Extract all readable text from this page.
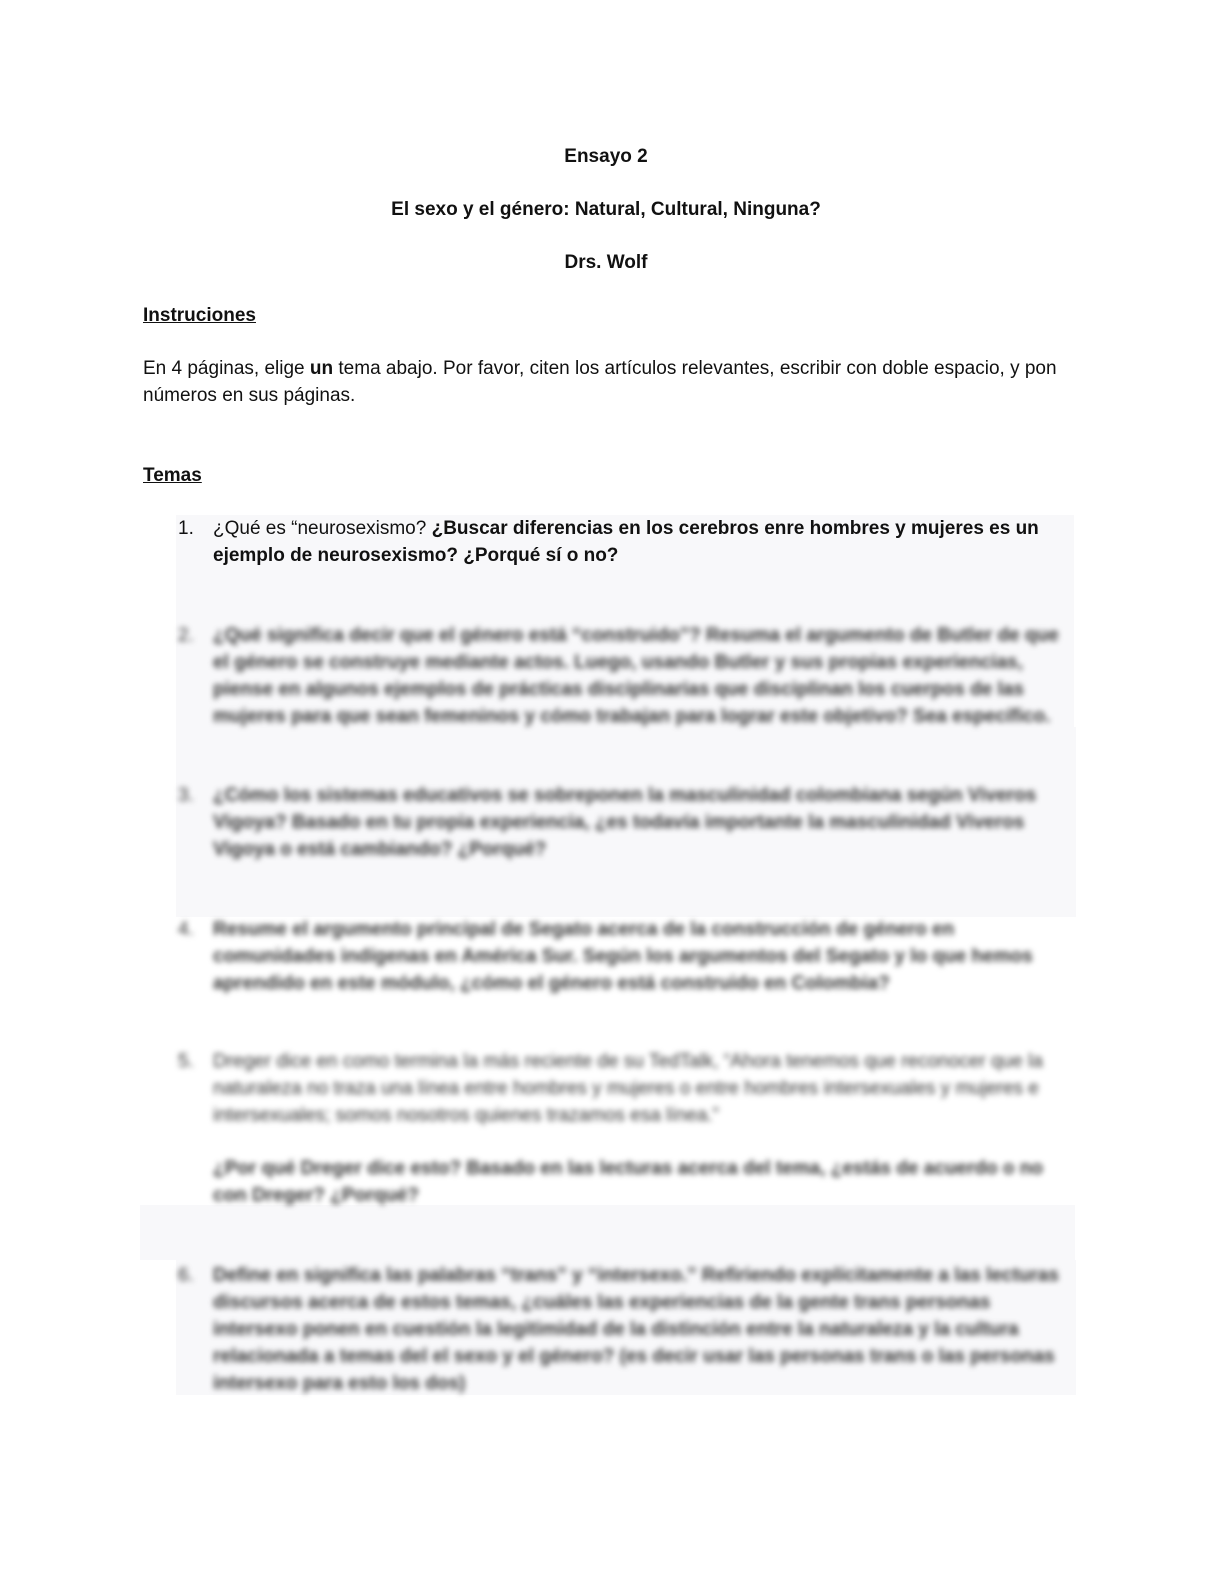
Ensayo 2
El sexo y el género: Natural, Cultural, Ninguna?
Drs. Wolf
Instruciones
En 4 páginas, elige un tema abajo. Por favor, citen los artículos relevantes, escribir con doble espacio, y pon números en sus páginas.
Temas
1. ¿Qué es “neurosexismo? ¿Buscar diferencias en los cerebros enre hombres y mujeres es un ejemplo de neurosexismo? ¿Porqué sí o no?
2. ¿Qué significa decir que el género está “construido”? Resuma el argumento de Butler de que el género se construye mediante actos. Luego, usando Butler y sus propias experiencias, piense en algunos ejemplos de prácticas disciplinarias que disciplinan los cuerpos de las mujeres para que sean femeninos y cómo trabajan para lograr este objetivo? Sea específico.
3. ¿Cómo los sistemas educativos se sobreponen la masculinidad colombiana según Viveros Vigoya? Basado en tu propia experiencia, ¿es todavía importante la masculinidad Viveros Vigoya o está cambiando? ¿Porqué?
4. Resume el argumento principal de Segato acerca de la construcción de género en comunidades indígenas en América Sur. Según los argumentos del Segato y lo que hemos aprendido en este módulo, ¿cómo el género está construido en Colombia?
5. Dreger dice en como termina la más reciente de su TedTalk, “Ahora tenemos que reconocer que la naturaleza no traza una línea entre hombres y mujeres o entre hombres intersexuales y mujeres e intersexuales; somos nosotros quienes trazamos esa línea.”
¿Por qué Dreger dice esto? Basado en las lecturas acerca del tema, ¿estás de acuerdo o no con Dreger? ¿Porqué?
6. Define en significa las palabras “trans” y “intersexo.” Refiriendo explícitamente a las lecturas discursos acerca de estos temas, ¿cuáles las experiencias de la gente trans personas intersexo ponen en cuestión la legitimidad de la distinción entre la naturaleza y la cultura relacionada a temas del el sexo y el género? (es decir usar las personas trans o las personas intersexo para esto los dos)
